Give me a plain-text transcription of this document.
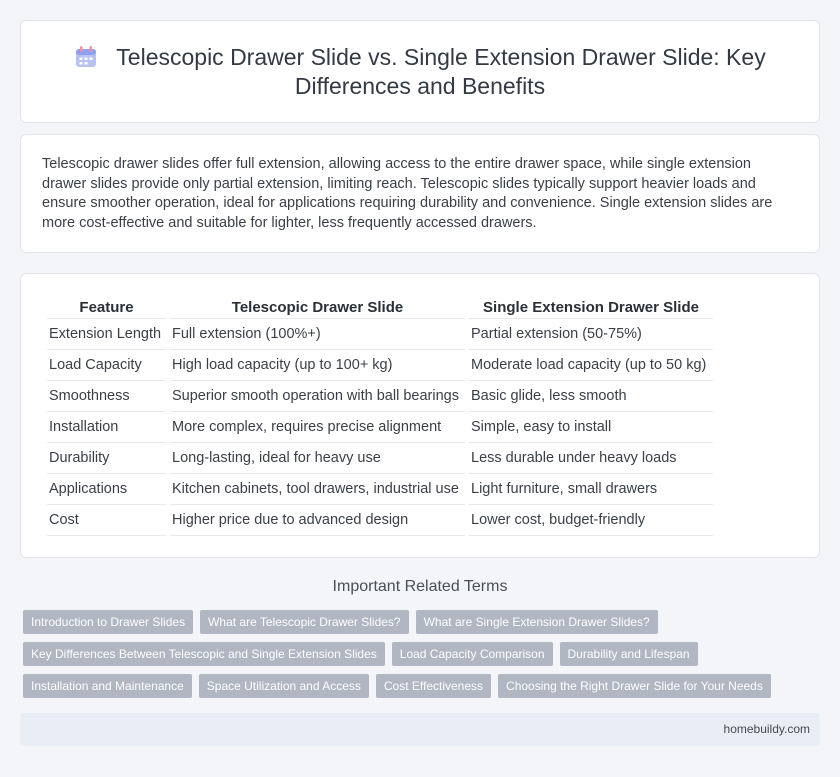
Telescopic Drawer Slide vs. Single Extension Drawer Slide: Key Differences and Benefits

Telescopic drawer slides offer full extension, allowing access to the entire drawer space, while single extension drawer slides provide only partial extension, limiting reach. Telescopic slides typically support heavier loads and ensure smoother operation, ideal for applications requiring durability and convenience. Single extension slides are more cost-effective and suitable for lighter, less frequently accessed drawers.

Feature	Telescopic Drawer Slide	Single Extension Drawer Slide
Extension Length	Full extension (100%+)	Partial extension (50-75%)
Load Capacity	High load capacity (up to 100+ kg)	Moderate load capacity (up to 50 kg)
Smoothness	Superior smooth operation with ball bearings	Basic glide, less smooth
Installation	More complex, requires precise alignment	Simple, easy to install
Durability	Long-lasting, ideal for heavy use	Less durable under heavy loads
Applications	Kitchen cabinets, tool drawers, industrial use	Light furniture, small drawers
Cost	Higher price due to advanced design	Lower cost, budget-friendly
Important Related Terms
Introduction to Drawer Slides	What are Telescopic Drawer Slides?	What are Single Extension Drawer Slides?
Key Differences Between Telescopic and Single Extension Slides	Load Capacity Comparison	Durability and Lifespan
Installation and Maintenance	Space Utilization and Access	Cost Effectiveness	Choosing the Right Drawer Slide for Your Needs
homebuildy.com
